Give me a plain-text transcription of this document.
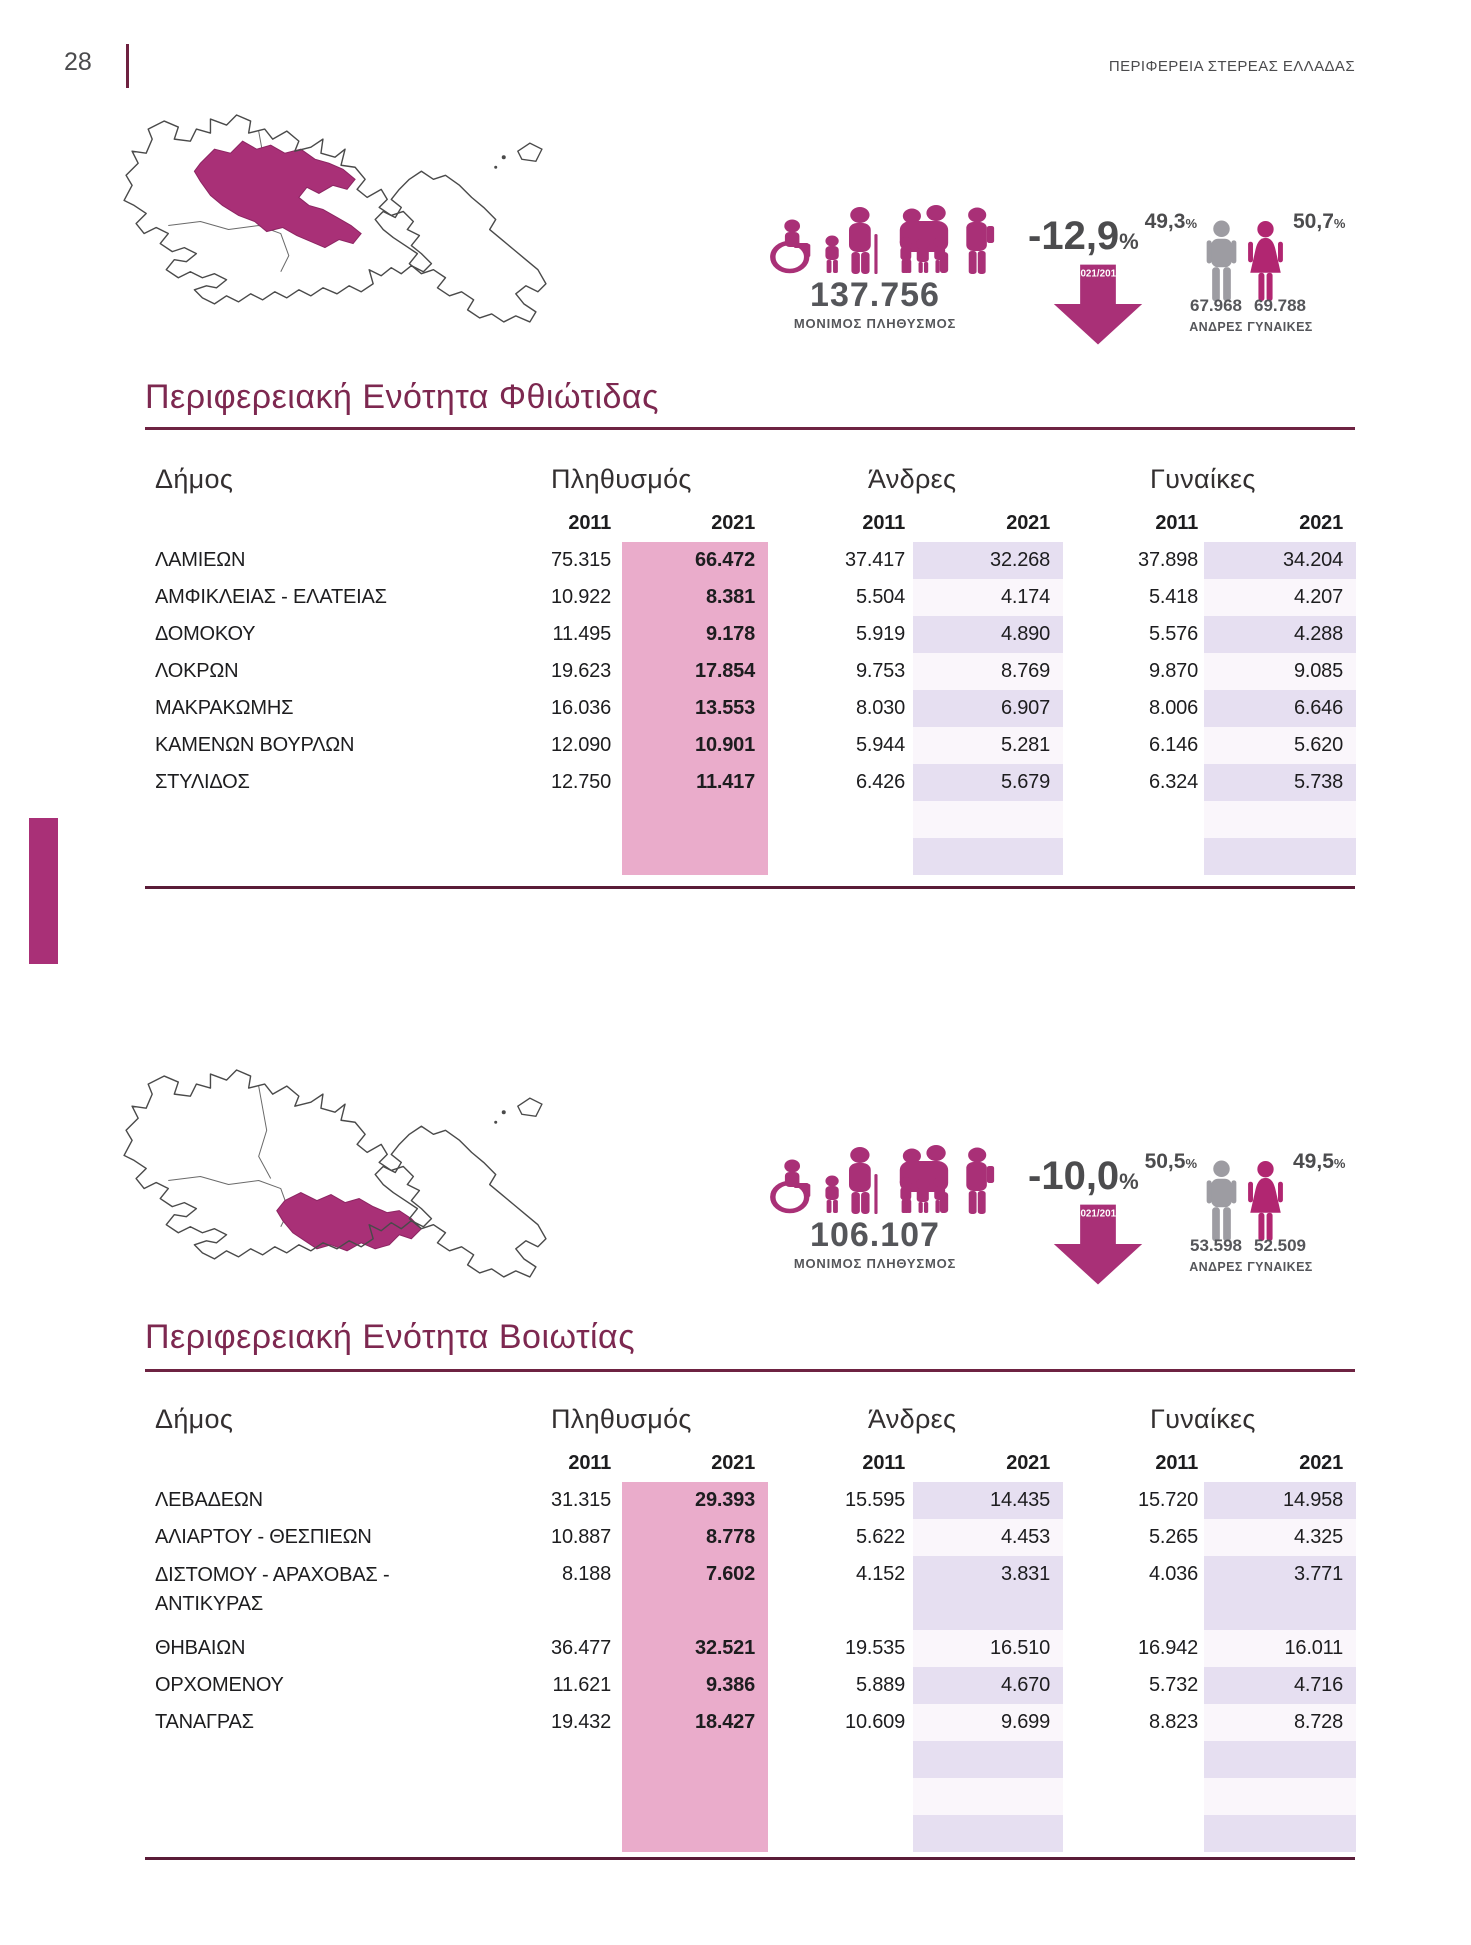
28	ΠΕΡΙΦΕΡΕΙΑ ΣΤΕΡΕΑΣ ΕΛΛΑΔΑΣ
137.756
ΜΟΝΙΜΟΣ ΠΛΗΘΥΣΜΟΣ
-12,9%
2021/2011
49,3%	50,7%
67.968 69.788
ΑΝΔΡΕΣ ΓΥΝΑΙΚΕΣ
Περιφερειακή Ενότητα Φθιώτιδας
Δήμος	Πληθυσμός	Άνδρες	Γυναίκες
2011	2021	2011	2021	2011	2021
ΛΑΜΙΕΩΝ	75.315	66.472	37.417	32.268	37.898	34.204
ΑΜΦΙΚΛΕΙΑΣ - ΕΛΑΤΕΙΑΣ	10.922	8.381	5.504	4.174	5.418	4.207
ΔΟΜΟΚΟΥ	11.495	9.178	5.919	4.890	5.576	4.288
ΛΟΚΡΩΝ	19.623	17.854	9.753	8.769	9.870	9.085
ΜΑΚΡΑΚΩΜΗΣ	16.036	13.553	8.030	6.907	8.006	6.646
ΚΑΜΕΝΩΝ ΒΟΥΡΛΩΝ	12.090	10.901	5.944	5.281	6.146	5.620
ΣΤΥΛΙΔΟΣ	12.750	11.417	6.426	5.679	6.324	5.738
106.107
ΜΟΝΙΜΟΣ ΠΛΗΘΥΣΜΟΣ
-10,0%
2021/2011
50,5%	49,5%
53.598 52.509
ΑΝΔΡΕΣ ΓΥΝΑΙΚΕΣ
Περιφερειακή Ενότητα Βοιωτίας
Δήμος	Πληθυσμός	Άνδρες	Γυναίκες
2011	2021	2011	2021	2011	2021
ΛΕΒΑΔΕΩΝ	31.315	29.393	15.595	14.435	15.720	14.958
ΑΛΙΑΡΤΟΥ - ΘΕΣΠΙΕΩΝ	10.887	8.778	5.622	4.453	5.265	4.325
ΔΙΣΤΟΜΟΥ - ΑΡΑΧΟΒΑΣ - ΑΝΤΙΚΥΡΑΣ
8.188	7.602	4.152	3.831	4.036	3.771
ΘΗΒΑΙΩΝ	36.477	32.521	19.535	16.510	16.942	16.011
ΟΡΧΟΜΕΝΟΥ	11.621	9.386	5.889	4.670	5.732	4.716
ΤΑΝΑΓΡΑΣ	19.432	18.427	10.609	9.699	8.823	8.728
